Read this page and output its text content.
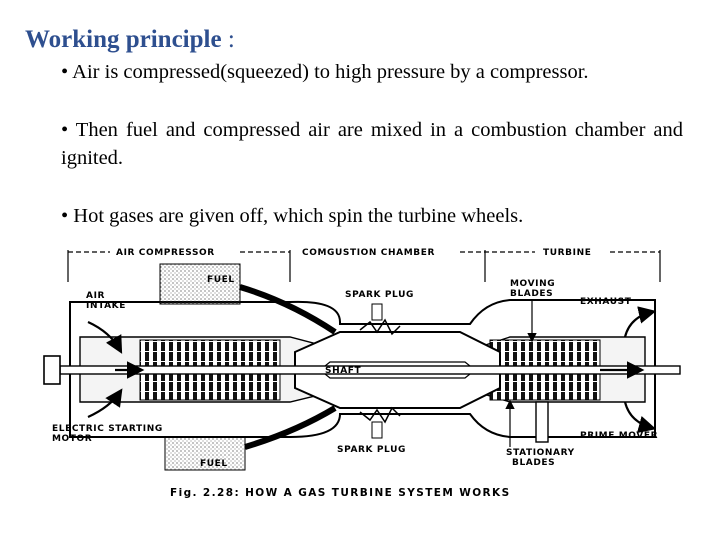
Working principle :
• Air is compressed(squeezed) to high pressure by a compressor.
• Then fuel and compressed air are mixed in a combustion chamber and ignited.
• Hot gases are given off, which spin the turbine wheels.
AIR COMPRESSOR	COMGUSTION CHAMBER	TURBINE
SHAFT
FUEL
FUEL
SPARK PLUG
SPARK PLUG
AIR
INTAKE	EXHAUST
MOVING
BLADES
ELECTRIC STARTING
MOTOR	PRIME MOVER
STATIONARY
BLADES
Fig. 2.28: HOW A GAS TURBINE SYSTEM WORKS
